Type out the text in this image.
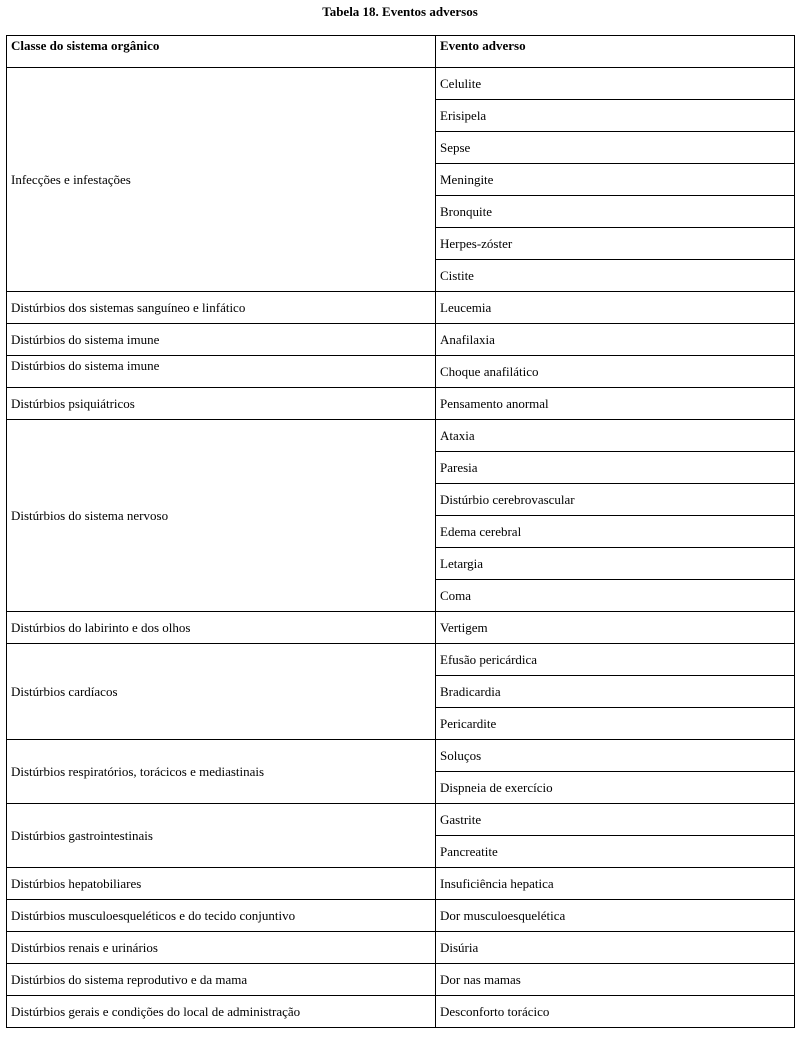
Tabela 18. Eventos adversos
Classe do sistema orgânico	Evento adverso
Infecções e infestações	Celulite
	Erisipela
	Sepse
	Meningite
	Bronquite
	Herpes-zóster
	Cistite
Distúrbios dos sistemas sanguíneo e linfático	Leucemia
Distúrbios do sistema imune	Anafilaxia
Distúrbios do sistema imune	Choque anafilático
Distúrbios psiquiátricos	Pensamento anormal
Distúrbios do sistema nervoso	Ataxia
	Paresia
	Distúrbio cerebrovascular
	Edema cerebral
	Letargia
	Coma
Distúrbios do labirinto e dos olhos	Vertigem
Distúrbios cardíacos	Efusão pericárdica
	Bradicardia
	Pericardite
Distúrbios respiratórios, torácicos e mediastinais	Soluços
	Dispneia de exercício
Distúrbios gastrointestinais	Gastrite
	Pancreatite
Distúrbios hepatobiliares	Insuficiência hepatica
Distúrbios musculoesqueléticos e do tecido conjuntivo	Dor musculoesquelética
Distúrbios renais e urinários	Disúria
Distúrbios do sistema reprodutivo e da mama	Dor nas mamas
Distúrbios gerais e condições do local de administração	Desconforto torácico
